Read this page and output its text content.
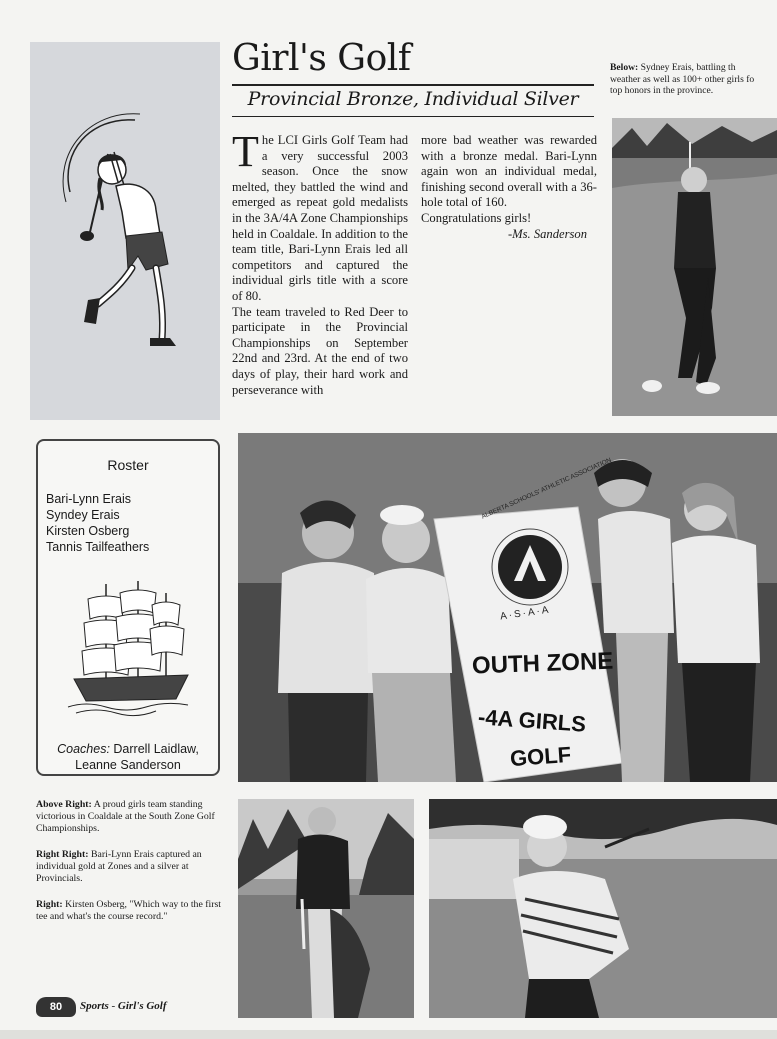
Girl's Golf
Provincial Bronze, Individual Silver
The LCI Girls Golf Team had a very successful 2003 season. Once the snow melted, they battled the wind and emerged as repeat gold medalists in the 3A/4A Zone Championships held in Coaldale. In addition to the team title, Bari-Lynn Erais led all competitors and captured the individual girls title with a score of 80.
The team traveled to Red Deer to participate in the Provincial Championships on September 22nd and 23rd. At the end of two days of play, their hard work and perseverance with
more bad weather was rewarded with a bronze medal. Bari-Lynn again won an individual medal, finishing second overall with a 36-hole total of 160.
Congratulations girls!
-Ms. Sanderson
Below: Sydney Erais, battling th
weather as well as 100+ other girls fo
top honors in the province.
Roster
Bari-Lynn Erais
Syndey Erais
Kirsten Osberg
Tannis Tailfeathers
Coaches: Darrell Laidlaw,
Leanne Sanderson
ALBERTA SCHOOLS' ATHLETIC ASSOCIATION
A·S·A·A
OUTH ZONE
-4A GIRLS
GOLF

Above Right: A proud girls team standing victorious in Coaldale at the South Zone Golf Championships.

Right Right: Bari-Lynn Erais captured an individual gold at Zones and a silver at Provincials.

Right: Kirsten Osberg, "Which way to the first tee and what's the course record."

80	Sports - Girl's Golf
